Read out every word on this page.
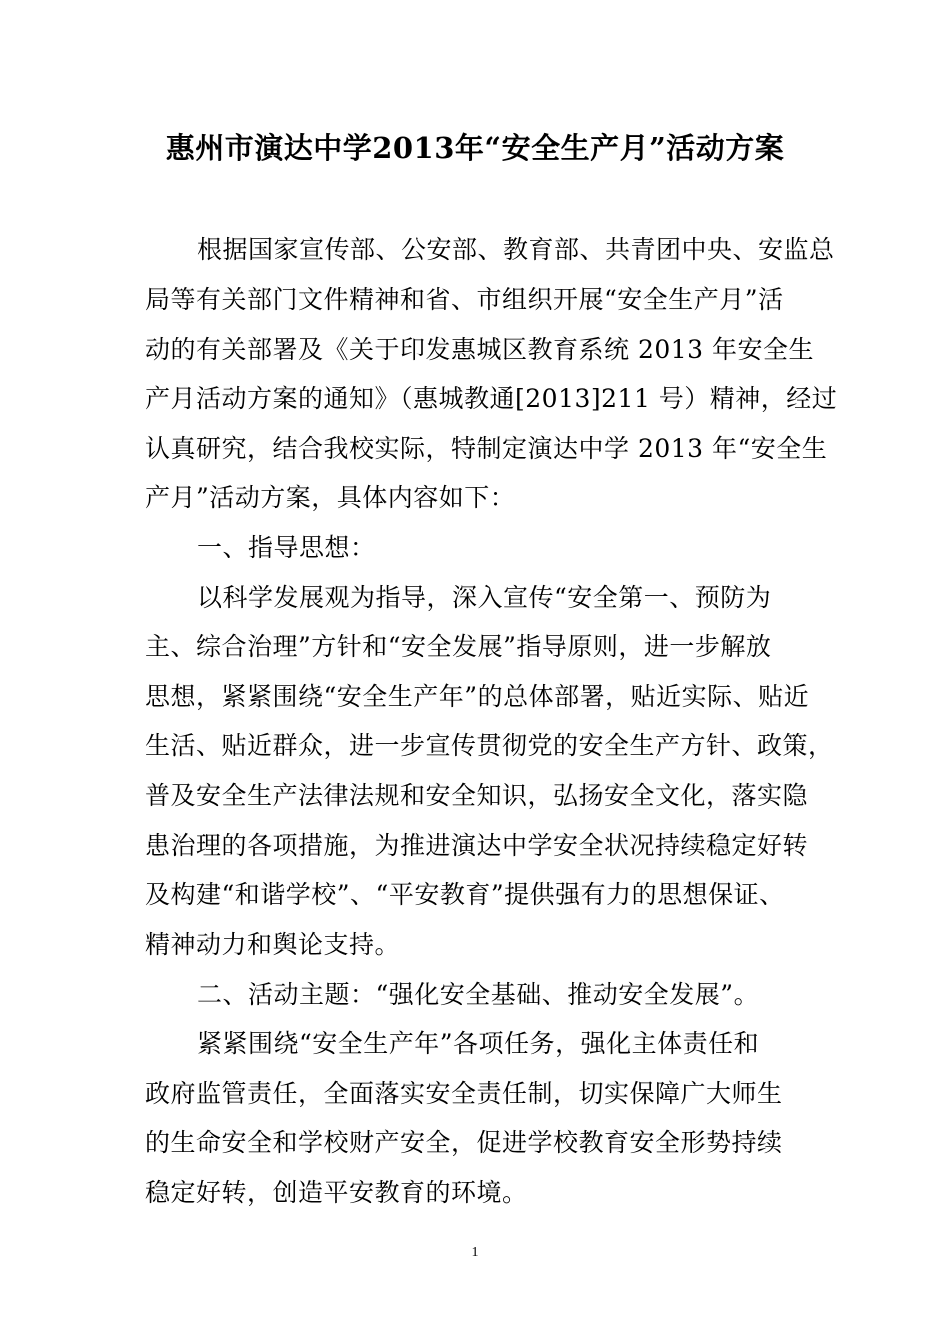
惠州市演达中学2013年“安全生产月”活动方案
根据国家宣传部、公安部、教育部、共青团中央、安监总
局等有关部门文件精神和省、市组织开展“安全生产月”活
动的有关部署及《关于印发惠城区教育系统 2013 年安全生
产月活动方案的通知》（惠城教通[2013]211 号）精神，经过
认真研究，结合我校实际，特制定演达中学 2013 年“安全生
产月”活动方案，具体内容如下：
一、指导思想：
以科学发展观为指导，深入宣传“安全第一、预防为
主、综合治理”方针和“安全发展”指导原则，进一步解放
思想，紧紧围绕“安全生产年”的总体部署，贴近实际、贴近
生活、贴近群众，进一步宣传贯彻党的安全生产方针、政策，
普及安全生产法律法规和安全知识，弘扬安全文化，落实隐
患治理的各项措施，为推进演达中学安全状况持续稳定好转
及构建“和谐学校”、“平安教育”提供强有力的思想保证、
精神动力和舆论支持。
二、活动主题：“强化安全基础、推动安全发展”。
紧紧围绕“安全生产年”各项任务，强化主体责任和
政府监管责任，全面落实安全责任制，切实保障广大师生
的生命安全和学校财产安全，促进学校教育安全形势持续
稳定好转，创造平安教育的环境。
1
